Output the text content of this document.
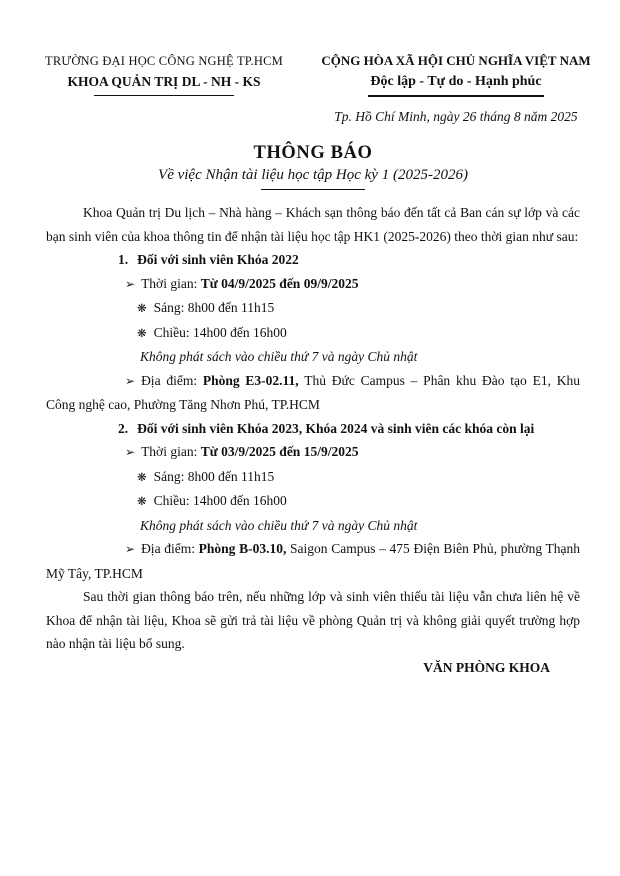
TRƯỜNG ĐẠI HỌC CÔNG NGHỆ TP.HCM
KHOA QUẢN TRỊ DL - NH - KS
CỘNG HÒA XÃ HỘI CHỦ NGHĨA VIỆT NAM
Độc lập - Tự do - Hạnh phúc
Tp. Hồ Chí Minh, ngày 26 tháng 8 năm 2025
THÔNG BÁO
Về việc Nhận tài liệu học tập Học kỳ 1 (2025-2026)

Khoa Quản trị Du lịch – Nhà hàng – Khách sạn thông báo đến tất cả Ban cán sự lớp và các bạn sinh viên của khoa thông tin để nhận tài liệu học tập HK1 (2025-2026) theo thời gian như sau:

1. Đối với sinh viên Khóa 2022

➢ Thời gian: Từ 04/9/2025 đến 09/9/2025

❋ Sáng: 8h00 đến 11h15

❋ Chiều: 14h00 đến 16h00

Không phát sách vào chiều thứ 7 và ngày Chủ nhật

➢ Địa điểm: Phòng E3-02.11, Thủ Đức Campus – Phân khu Đào tạo E1, Khu Công nghệ cao, Phường Tăng Nhơn Phú, TP.HCM

2. Đối với sinh viên Khóa 2023, Khóa 2024 và sinh viên các khóa còn lại

➢ Thời gian: Từ 03/9/2025 đến 15/9/2025

❋ Sáng: 8h00 đến 11h15

❋ Chiều: 14h00 đến 16h00

Không phát sách vào chiều thứ 7 và ngày Chủ nhật

➢ Địa điểm: Phòng B-03.10, Saigon Campus – 475 Điện Biên Phủ, phường Thạnh Mỹ Tây, TP.HCM

Sau thời gian thông báo trên, nếu những lớp và sinh viên thiếu tài liệu vẫn chưa liên hệ về Khoa để nhận tài liệu, Khoa sẽ gửi trả tài liệu về phòng Quản trị và không giải quyết trường hợp nào nhận tài liệu bổ sung.

VĂN PHÒNG KHOA
